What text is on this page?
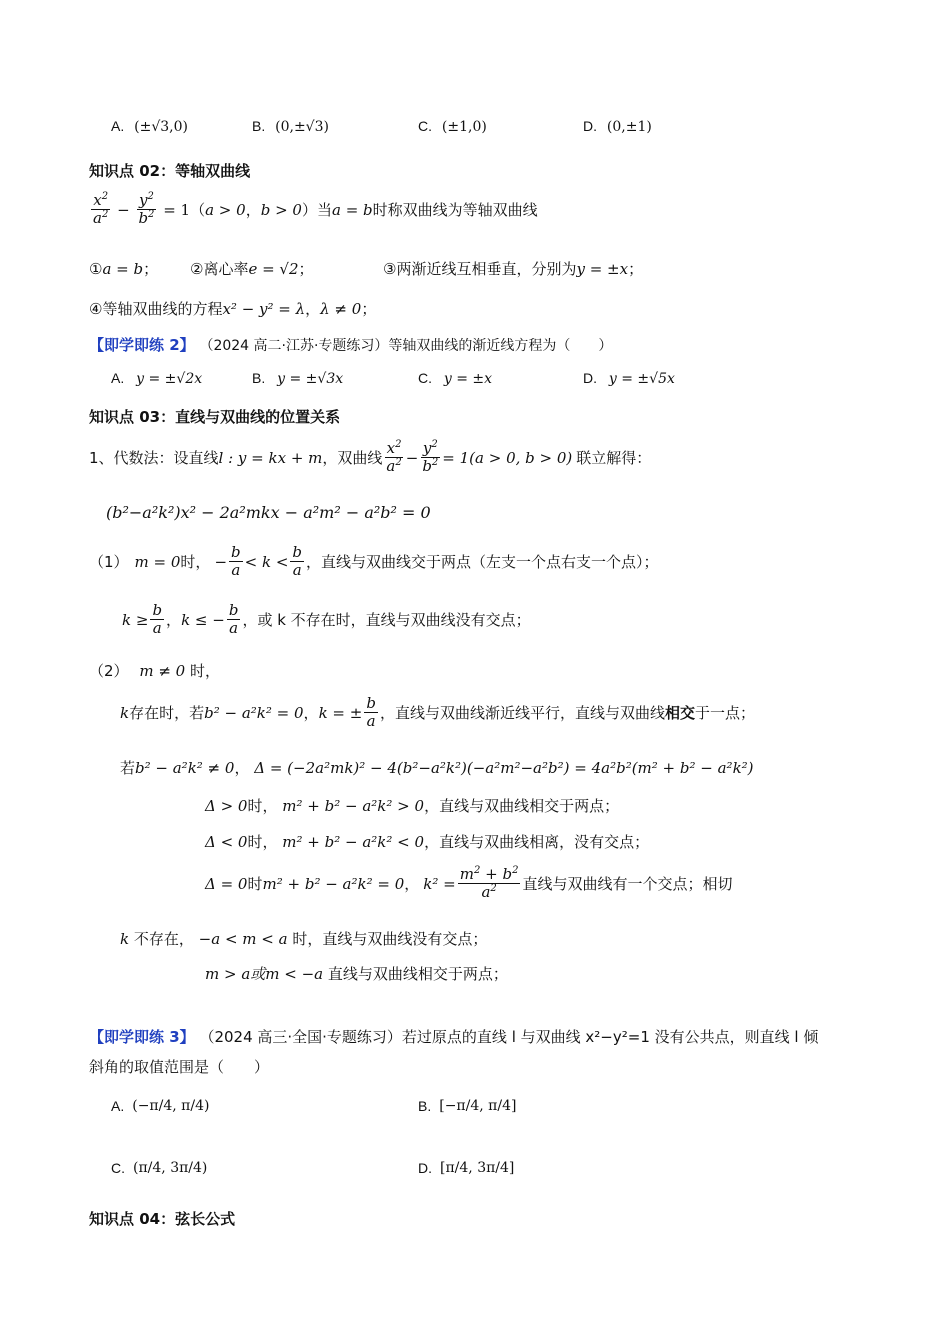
A. (±√3,0)	B. (0,±√3)	C. (±1,0)	D. (0,±1)
知识点 02：等轴双曲线
$\frac{x^2}{a^2} - \frac{y^2}{b^2} = 1$ （ a > 0 ， b > 0 ） 当 a = b 时称双曲线为等轴双曲线
①a = b； ②离心率e = √2；	③两渐近线互相垂直，分别为y = ±x；
④等轴双曲线的方程x² − y² = λ，λ ≠ 0；
【即学即练 2】 （2024 高二·江苏·专题练习）等轴双曲线的渐近线方程为（　　）
A. y = ±√2x	B. y = ±√3x	C. y = ±x	D. y = ±√5x
知识点 03：直线与双曲线的位置关系
1、代数法：设直线 l : y = kx + m ，双曲线 $\frac{x^2}{a^2} - \frac{y^2}{b^2} = 1(a > 0$, b > 0) 联立解得：
(b²−a²k²)x² − 2a²mkx − a²m² − a²b² = 0
（1） m = 0 时， − $\frac{b}{a} < k < \frac{b}{a}$ ，直线与双曲线交于两点（左支一个点右支一个点）；
$k \ge \frac{b}{a}$ ， k ≤ − $\frac{b}{a}$ ，或 k 不存在时，直线与双曲线没有交点；
（2） m ≠ 0 时，
k 存在时，若 b² − a²k² = 0 ， k = ± $\frac{b}{a}$ ，直线与双曲线渐近线平行，直线与双曲线 相交 于一点；
若b² − a²k² ≠ 0， Δ = (−2a²mk)² − 4(b²−a²k²)(−a²m²−a²b²) = 4a²b²(m² + b² − a²k²)
Δ > 0时， m² + b² − a²k² > 0，直线与双曲线相交于两点；
Δ < 0时， m² + b² − a²k² < 0，直线与双曲线相离，没有交点；
Δ = 0 时 m² + b² − a²k² = 0 ， $k^2 = \frac{m^2 + b^2}{a^2}$ 直线与双曲线有一个交点；相切
k 不存在， −a < m < a 时，直线与双曲线没有交点；
m > a或m < −a 直线与双曲线相交于两点；
【即学即练 3】 （2024 高三·全国·专题练习）若过原点的直线 l 与双曲线 x²−y²=1 没有公共点，则直线 l 倾
斜角的取值范围是（　　）
A. (−π/4, π/4)	B. [−π/4, π/4]
C. (π/4, 3π/4)	D. [π/4, 3π/4]
知识点 04：弦长公式
